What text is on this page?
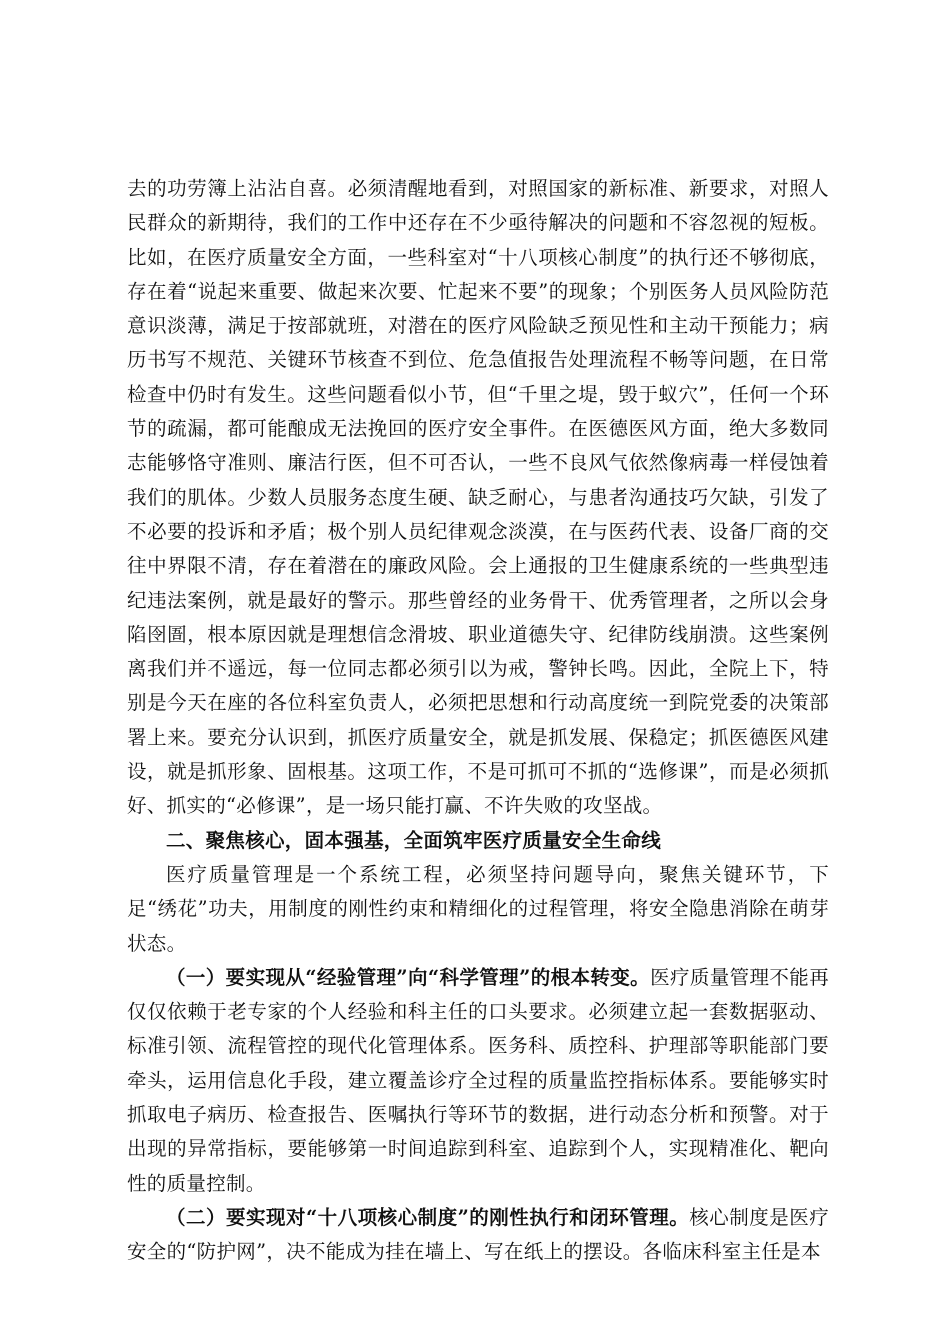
去的功劳簿上沾沾自喜。必须清醒地看到，对照国家的新标准、新要求，对照人民群众的新期待，我们的工作中还存在不少亟待解决的问题和不容忽视的短板。比如，在医疗质量安全方面，一些科室对“十八项核心制度”的执行还不够彻底，存在着“说起来重要、做起来次要、忙起来不要”的现象；个别医务人员风险防范意识淡薄，满足于按部就班，对潜在的医疗风险缺乏预见性和主动干预能力；病历书写不规范、关键环节核查不到位、危急值报告处理流程不畅等问题，在日常检查中仍时有发生。这些问题看似小节，但“千里之堤，毁于蚁穴”，任何一个环节的疏漏，都可能酿成无法挽回的医疗安全事件。在医德医风方面，绝大多数同志能够恪守准则、廉洁行医，但不可否认，一些不良风气依然像病毒一样侵蚀着我们的肌体。少数人员服务态度生硬、缺乏耐心，与患者沟通技巧欠缺，引发了不必要的投诉和矛盾；极个别人员纪律观念淡漠，在与医药代表、设备厂商的交往中界限不清，存在着潜在的廉政风险。会上通报的卫生健康系统的一些典型违纪违法案例，就是最好的警示。那些曾经的业务骨干、优秀管理者，之所以会身陷囹圄，根本原因就是理想信念滑坡、职业道德失守、纪律防线崩溃。这些案例离我们并不遥远，每一位同志都必须引以为戒，警钟长鸣。因此，全院上下，特别是今天在座的各位科室负责人，必须把思想和行动高度统一到院党委的决策部署上来。要充分认识到，抓医疗质量安全，就是抓发展、保稳定；抓医德医风建设，就是抓形象、固根基。这项工作，不是可抓可不抓的“选修课”，而是必须抓好、抓实的“必修课”，是一场只能打赢、不许失败的攻坚战。

二、聚焦核心，固本强基，全面筑牢医疗质量安全生命线

医疗质量管理是一个系统工程，必须坚持问题导向，聚焦关键环节，下足“绣花”功夫，用制度的刚性约束和精细化的过程管理，将安全隐患消除在萌芽状态。

（一）要实现从“经验管理”向“科学管理”的根本转变。医疗质量管理不能再仅仅依赖于老专家的个人经验和科主任的口头要求。必须建立起一套数据驱动、标准引领、流程管控的现代化管理体系。医务科、质控科、护理部等职能部门要牵头，运用信息化手段，建立覆盖诊疗全过程的质量监控指标体系。要能够实时抓取电子病历、检查报告、医嘱执行等环节的数据，进行动态分析和预警。对于出现的异常指标，要能够第一时间追踪到科室、追踪到个人，实现精准化、靶向性的质量控制。

（二）要实现对“十八项核心制度”的刚性执行和闭环管理。核心制度是医疗安全的“防护网”，决不能成为挂在墙上、写在纸上的摆设。各临床科室主任是本
